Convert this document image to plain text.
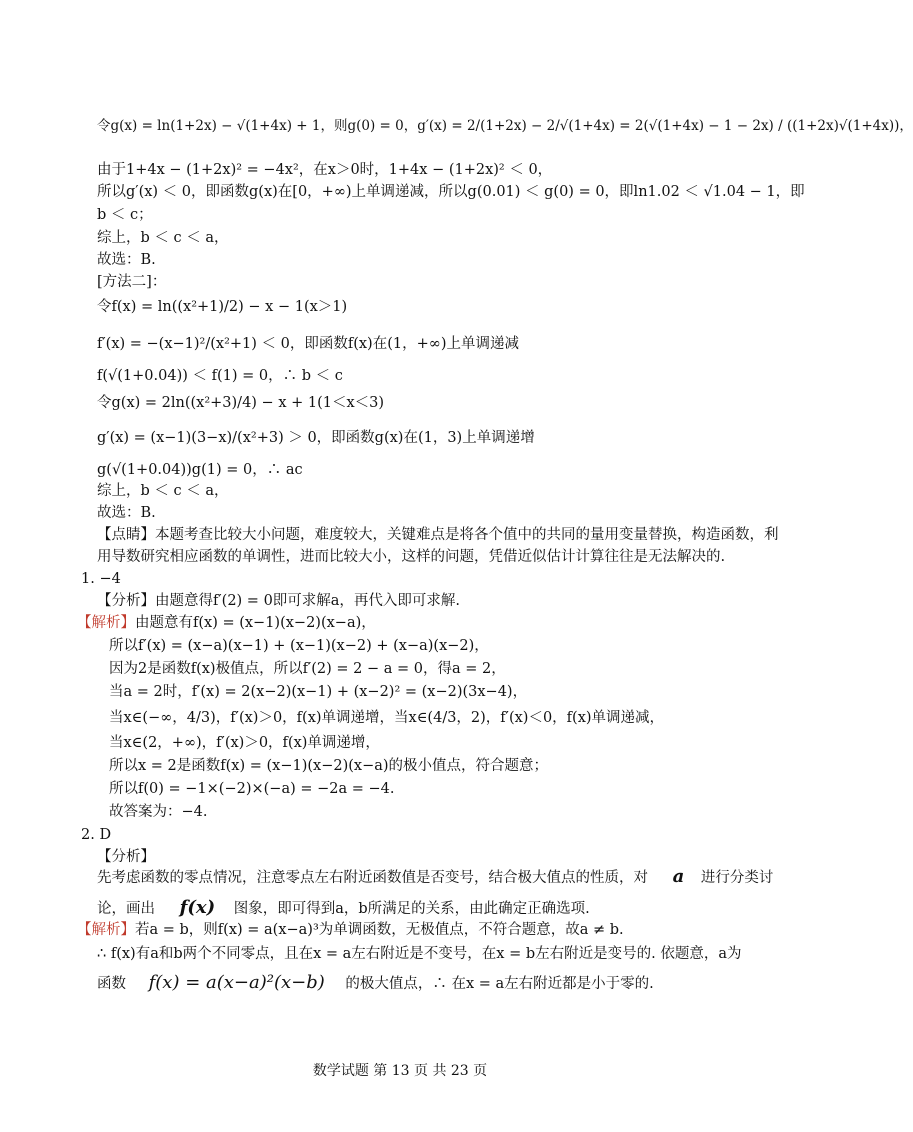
令g(x) = ln(1+2x) − √(1+4x) + 1，则g(0) = 0，g′(x) = 2/(1+2x) − 2/√(1+4x) = 2(√(1+4x) − 1 − 2x) / ((1+2x)√(1+4x))，
由于1+4x − (1+2x)² = −4x²，在x＞0时，1+4x − (1+2x)² ＜ 0，
所以g′(x) ＜ 0，即函数g(x)在[0，+∞)上单调递减，所以g(0.01) ＜ g(0) = 0，即ln1.02 ＜ √1.04 − 1，即
b ＜ c；
综上，b ＜ c ＜ a，
故选：B.
[方法二]：
令f(x) = ln((x²+1)/2) − x − 1(x＞1)
f′(x) = −(x−1)²/(x²+1) ＜ 0，即函数f(x)在(1，+∞)上单调递减
f(√(1+0.04)) ＜ f(1) = 0，∴ b ＜ c
令g(x) = 2ln((x²+3)/4) − x + 1(1＜x＜3)
g′(x) = (x−1)(3−x)/(x²+3) ＞ 0，即函数g(x)在(1，3)上单调递增
g(√(1+0.04))g(1) = 0，∴ ac
综上，b ＜ c ＜ a，
故选：B.
【点睛】本题考查比较大小问题，难度较大，关键难点是将各个值中的共同的量用变量替换，构造函数，利
用导数研究相应函数的单调性，进而比较大小，这样的问题，凭借近似估计计算往往是无法解决的.
1. −4
【分析】由题意得f′(2) = 0即可求解a，再代入即可求解.
【解析】由题意有f(x) = (x−1)(x−2)(x−a)，
所以f′(x) = (x−a)(x−1) + (x−1)(x−2) + (x−a)(x−2)，
因为2是函数f(x)极值点，所以f′(2) = 2 − a = 0，得a = 2，
当a = 2时，f′(x) = 2(x−2)(x−1) + (x−2)² = (x−2)(3x−4)，
当x∈(−∞，4/3)，f′(x)＞0，f(x)单调递增，当x∈(4/3，2)，f′(x)＜0，f(x)单调递减，
当x∈(2，+∞)，f′(x)＞0，f(x)单调递增，
所以x = 2是函数f(x) = (x−1)(x−2)(x−a)的极小值点，符合题意；
所以f(0) = −1×(−2)×(−a) = −2a = −4.
故答案为：−4.
2. D
【分析】
先考虑函数的零点情况，注意零点左右附近函数值是否变号，结合极大值点的性质，对 a 进行分类讨
论，画出 f(x) 图象，即可得到a，b所满足的关系，由此确定正确选项.
【解析】若a = b，则f(x) = a(x−a)³为单调函数，无极值点，不符合题意，故a ≠ b.
∴ f(x)有a和b两个不同零点，且在x = a左右附近是不变号，在x = b左右附近是变号的. 依题意，a为
函数 f(x) = a(x−a)²(x−b) 的极大值点，∴ 在x = a左右附近都是小于零的.
数学试题 第 13 页 共 23 页
